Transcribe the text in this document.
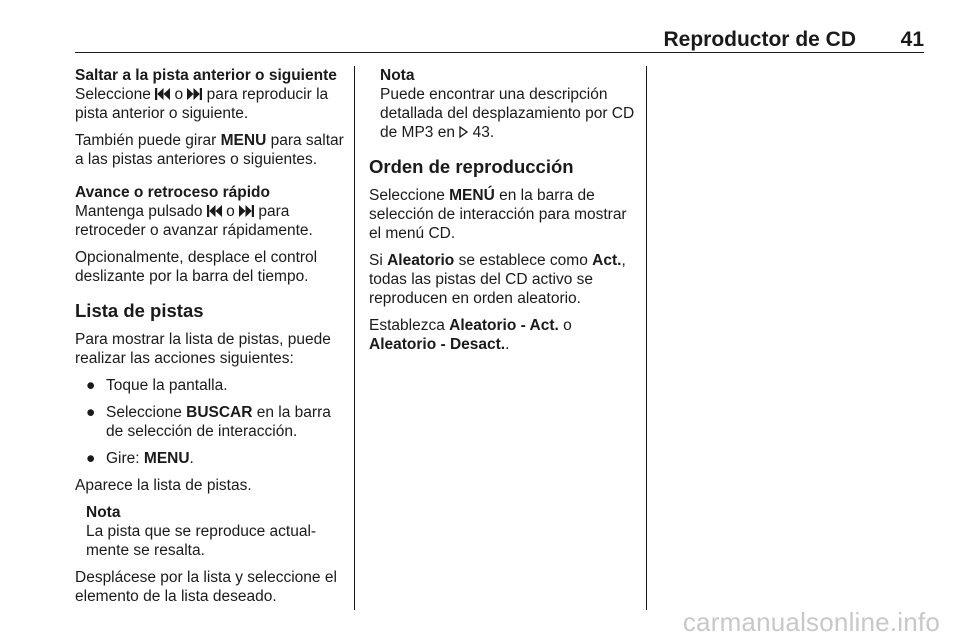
Reproductor de CD 41

Saltar a la pista anterior o siguiente

Seleccione  o  para reproducir la pista anterior o siguiente.

También puede girar MENU para saltar a las pistas anteriores o siguientes.

Avance o retroceso rápido

Mantenga pulsado  o  para retroceder o avanzar rápidamente.

Opcionalmente, desplace el control deslizante por la barra del tiempo.

Lista de pistas

Para mostrar la lista de pistas, puede realizar las acciones siguientes:

● Toque la pantalla.
● Seleccione BUSCAR en la barra de selección de interacción.
● Gire: MENU.

Aparece la lista de pistas.

Nota
La pista que se reproduce actual-mente se resalta.

Desplácese por la lista y seleccione el elemento de la lista deseado.

Nota
Puede encontrar una descripción detallada del desplazamiento por CD de MP3 en  43.
Orden de reproducción

Seleccione MENÚ en la barra de selección de interacción para mostrar el menú CD.

Si Aleatorio se establece como Act., todas las pistas del CD activo se reproducen en orden aleatorio.

Establezca Aleatorio - Act. o Aleatorio - Desact..

carmanualsonline.info
